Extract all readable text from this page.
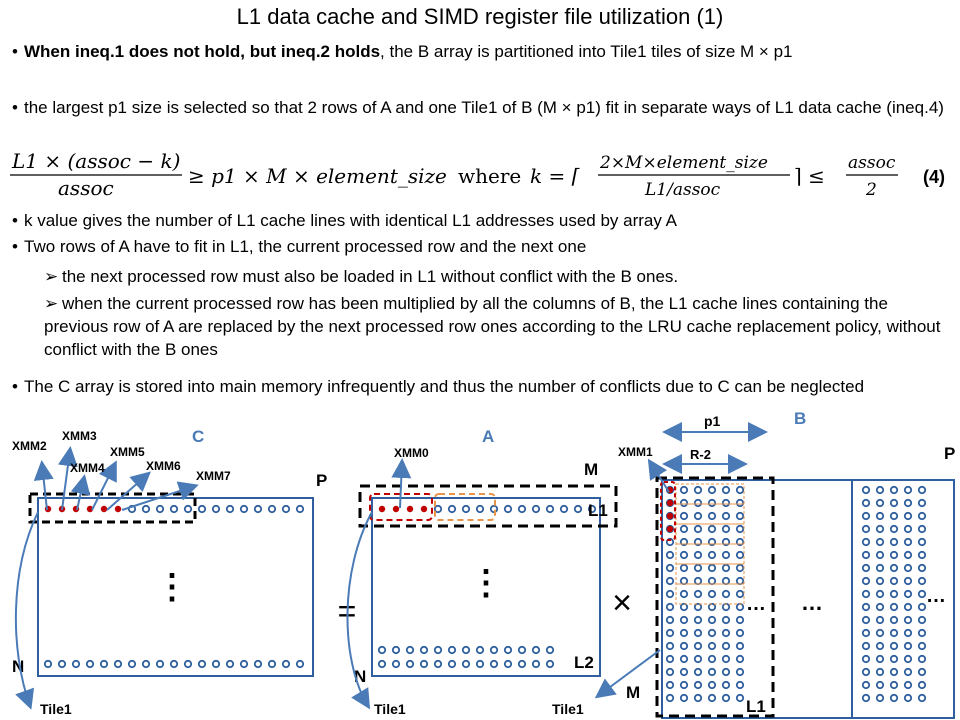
L1 data cache and SIMD register file utilization (1)
• When ineq.1 does not hold, but ineq.2 holds, the B array is partitioned into Tile1 tiles of size M × p1
• the largest p1 size is selected so that 2 rows of A and one Tile1 of B (M × p1) fit in separate ways of L1 data cache (ineq.4)
L1 × (assoc − k)
assoc	≥ p1 × M × element_size where k = ⌈
2×M×element_size
L1/assoc
⌉ ≤
assoc
2
(4)
• k value gives the number of L1 cache lines with identical L1 addresses used by array A
• Two rows of A have to fit in L1, the current processed row and the next one
➢ the next processed row must also be loaded in L1 without conflict with the B ones.
➢ when the current processed row has been multiplied by all the columns of B, the L1 cache lines containing the previous row of A are replaced by the next processed row ones according to the LRU cache replacement policy, without conflict with the B ones
• The C array is stored into main memory infrequently and thus the number of conflicts due to C can be neglected
⋮
XMM2
XMM3
XMM4
XMM5
XMM6
XMM7
C
P
N
Tile1
=
⋮
XMM0
A
M
L1
L2
N
Tile1
×	… …	…
XMM1
p1
R-2
B
P
M
L1
Tile1
